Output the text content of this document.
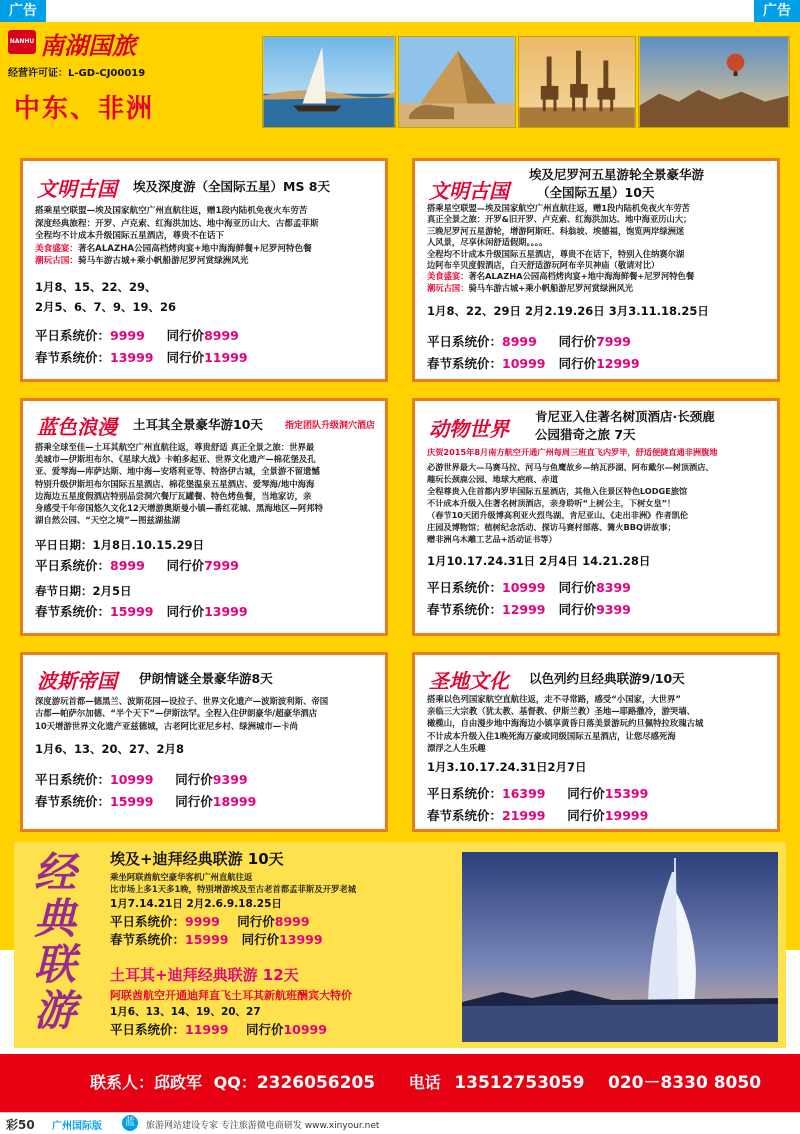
广告	广告
NANHU 南湖国旅
经营许可证：L-GD-CJ00019
中东、非洲
文明古国 埃及深度游（全国际五星）MS 8天
搭乘星空联盟—埃及国家航空广州直航往返，赠1段内陆机免夜火车劳苦
深度经典旅程：开罗、卢克索、红海洪加达、地中海亚历山大、古都孟菲斯
全程均不计成本升级国际五星酒店，尊贵不在话下
美食盛宴：著名ALAZHA公园高档烤肉宴+地中海海鲜餐+尼罗河特色餐
潮玩古国：骑马车游古城+乘小帆船游尼罗河赏绿洲风光
1月8、15、22、29、
2月5、6、7、9、19、26
平日系统价：9999 同行价8999
春节系统价：13999 同行价11999
文明古国
埃及尼罗河五星游轮全景豪华游
（全国际五星）10天
搭乘星空联盟—埃及国家航空广州直航往返，赠1段内陆机免夜火车劳苦
真正全景之旅：开罗&旧开罗、卢克索、红海洪加达、地中海亚历山大；
三晚尼罗河五星游轮，增游阿斯旺、科翁坡、埃德福，饱览两岸绿洲迷
人风景，尽享休闲舒适假期。。。。
全程均不计成本升级国际五星酒店，尊贵不在话下，特别入住纳赛尔湖
边阿布辛贝度假酒店，白天舒适游玩阿布辛贝神庙（敬请对比）
美食盛宴：著名ALAZHA公园高档烤肉宴+地中海海鲜餐+尼罗河特色餐
潮玩古国：骑马车游古城+乘小帆船游尼罗河赏绿洲风光
1月8、22、29日 2月2.19.26日 3月3.11.18.25日
平日系统价：8999 同行价7999
春节系统价：10999 同行价12999
蓝色浪漫 土耳其全景豪华游10天 指定团队升级洞穴酒店
搭乘全球至佳—土耳其航空广州直航往返，尊贵舒适 真正全景之旅：世界最
美城市—伊斯坦布尔、《星球大战》卡帕多起亚、世界文化遗产—棉花堡及孔
亚、爱琴海—库萨达斯、地中海—安塔利亚等、特洛伊古城，全景游不留遗憾
特别升级伊斯坦布尔国际五星酒店、棉花堡温泉五星酒店、爱琴海/地中海海
边海边五星度假酒店特别品尝洞穴餐厅瓦罐餐、特色烤鱼餐，当地家访，亲
身感受千年帝国悠久文化12天增游奥斯曼小镇—番红花城、黑海地区—阿邦特
湖自然公园、“天空之境”—图兹湖盐湖
平日日期：1月8日.10.15.29日
平日系统价：8999 同行价7999
春节日期：2月5日
春节系统价：15999 同行价13999
动物世界
肯尼亚入住著名树顶酒店·长颈鹿
公园猎奇之旅 7天
庆贺2015年8月南方航空开通广州每周三班直飞内罗毕，舒适便捷直通非洲腹地
必游世界最大—马赛马拉、河马与鱼鹰故乡—纳瓦莎湖、阿布戴尔—树顶酒店、
趣玩长颈鹿公园、地球大疤痕、赤道
全程尊贵入住首都内罗毕国际五星酒店，其他入住景区特色LODGE旅馆
不计成本升级入住著名树顶酒店，亲身聆听“上树公主，下树女皇”！
（春节10天团升级博高利亚火烈鸟湖、肯尼亚山、《走出非洲》作者凯伦
庄园及博物馆；植树纪念活动、探访马赛村部落、篝火BBQ讲故事；
赠非洲乌木雕工艺品+活动证书等）
1月10.17.24.31日 2月4日 14.21.28日
平日系统价：10999 同行价8399
春节系统价：12999 同行价9399
波斯帝国 伊朗情谜全景豪华游8天
深度游玩首都—德黑兰、波斯花园—设拉子、世界文化遗产—波斯波利斯、帝国
古都—帕萨尔加德、“半个天下”—伊斯法罕。全程入住伊朗豪华/超豪华酒店
10天增游世界文化遗产亚兹德城，古老阿比亚尼乡村、绿洲城市—卡尚
1月6、13、20、27、2月8
平日系统价：10999 同行价9399
春节系统价：15999 同行价18999
圣地文化 以色列约旦经典联游9/10天
搭乘以色列国家航空直航往返，走不寻常路，感受“小国家，大世界”
亲临三大宗教（犹太教、基督教、伊斯兰教）圣地—耶路撒冷，游哭墙、
橄榄山，自由漫步地中海海边小镇享黄昏日落美景游玩约旦佩特拉玫瑰古城
不计成本升级入住1晚死海万豪或同级国际五星酒店，让您尽感死海
漂浮之人生乐趣
1月3.10.17.24.31日2月7日
平日系统价：16399 同行价15399
春节系统价：21999 同行价19999
经
典
联
游
埃及+迪拜经典联游 10天
乘坐阿联酋航空豪华客机广州直航往返
比市场上多1天多1晚，特别增游埃及至古老首都孟菲斯及开罗老城
1月7.14.21日 2月2.6.9.18.25日
平日系统价：9999 同行价8999
春节系统价：15999 同行价13999
土耳其+迪拜经典联游 12天
阿联酋航空开通迪拜直飞土耳其新航班酬宾大特价
1月6、13、14、19、20、27
平日系统价：11999 同行价10999
联系人：邱政军 QQ：2326056205 电话 13512753059 020－8330 8050
彩50 广州国际版	蓝	旅游网站建设专家 专注旅游微电商研发 www.xinyour.net
